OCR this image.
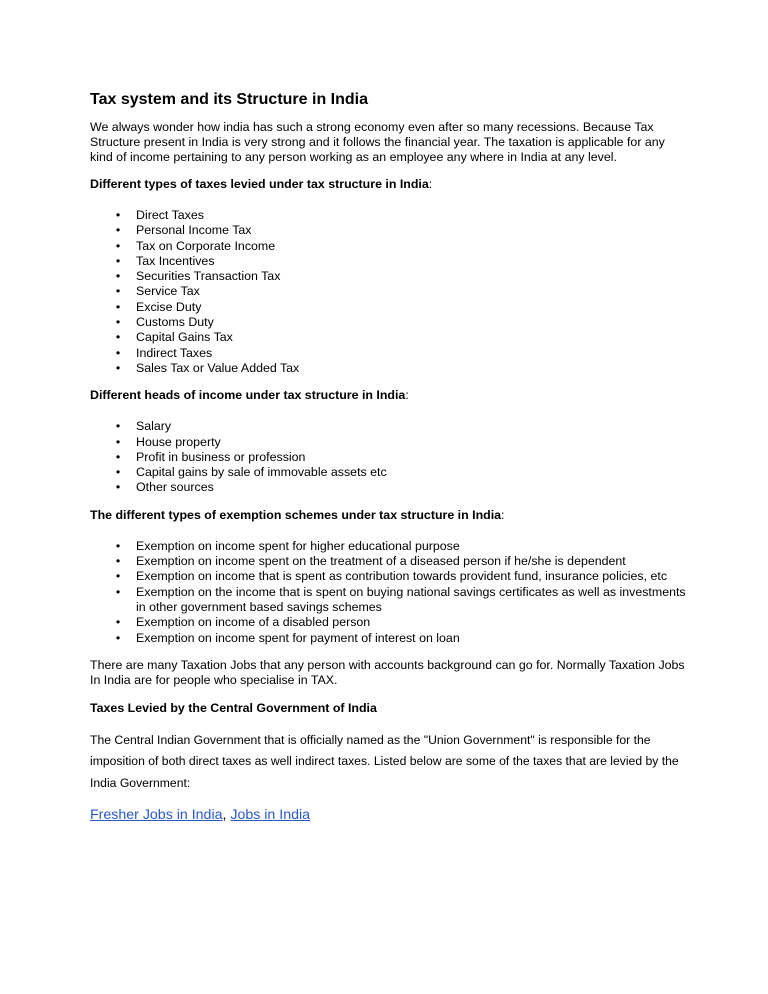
Tax system and its Structure in India
We always wonder how india has such a strong economy even after so many recessions. Because Tax Structure present in India is very strong and it follows the financial year. The taxation is applicable for any kind of income pertaining to any person working as an employee any where in India at any level.
Different types of taxes levied under tax structure in India:
• Direct Taxes
• Personal Income Tax
• Tax on Corporate Income
• Tax Incentives
• Securities Transaction Tax
• Service Tax
• Excise Duty
• Customs Duty
• Capital Gains Tax
• Indirect Taxes
• Sales Tax or Value Added Tax
Different heads of income under tax structure in India:
• Salary
• House property
• Profit in business or profession
• Capital gains by sale of immovable assets etc
• Other sources
The different types of exemption schemes under tax structure in India:
• Exemption on income spent for higher educational purpose
• Exemption on income spent on the treatment of a diseased person if he/she is dependent
• Exemption on income that is spent as contribution towards provident fund, insurance policies, etc
• Exemption on the income that is spent on buying national savings certificates as well as investments in other government based savings schemes
• Exemption on income of a disabled person
• Exemption on income spent for payment of interest on loan
There are many Taxation Jobs that any person with accounts background can go for. Normally Taxation Jobs In India are for people who specialise in TAX.
Taxes Levied by the Central Government of India
The Central Indian Government that is officially named as the "Union Government" is responsible for the imposition of both direct taxes as well indirect taxes. Listed below are some of the taxes that are levied by the India Government:
Fresher Jobs in India, Jobs in India
